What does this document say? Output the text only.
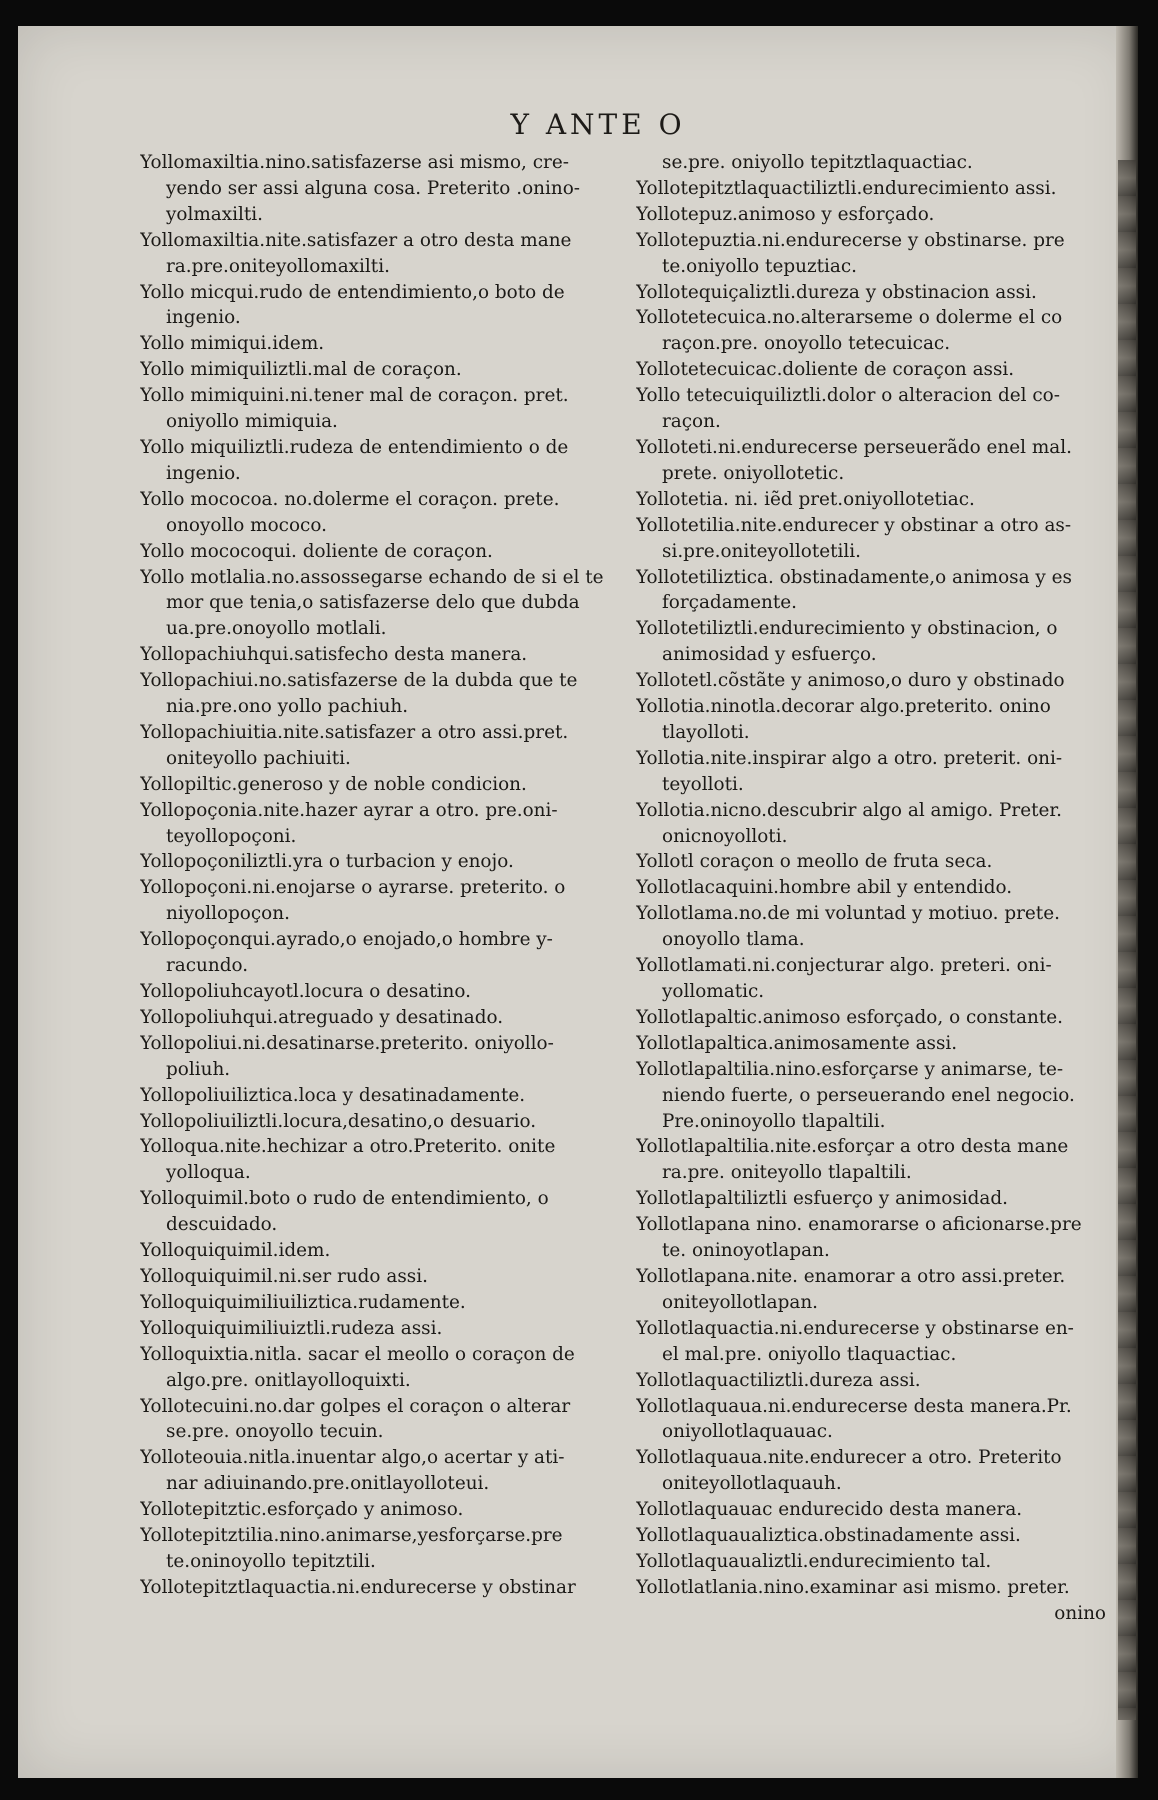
Y ANTE O
Yollomaxiltia.nino.satisfazerse asi mismo, cre-
yendo ser assi alguna cosa. Preterito .onino-
yolmaxilti.
Yollomaxiltia.nite.satisfazer a otro desta mane
ra.pre.oniteyollomaxilti.
Yollo micqui.rudo de entendimiento,o boto de
ingenio.
Yollo mimiqui.idem.
Yollo mimiquiliztli.mal de coraçon.
Yollo mimiquini.ni.tener mal de coraçon. pret.
oniyollo mimiquia.
Yollo miquiliztli.rudeza de entendimiento o de
ingenio.
Yollo mococoa. no.dolerme el coraçon. prete.
onoyollo mococo.
Yollo mococoqui. doliente de coraçon.
Yollo motlalia.no.assossegarse echando de si el te
mor que tenia,o satisfazerse delo que dubda
ua.pre.onoyollo motlali.
Yollopachiuhqui.satisfecho desta manera.
Yollopachiui.no.satisfazerse de la dubda que te
nia.pre.ono yollo pachiuh.
Yollopachiuitia.nite.satisfazer a otro assi.pret.
oniteyollo pachiuiti.
Yollopiltic.generoso y de noble condicion.
Yollopoçonia.nite.hazer ayrar a otro. pre.oni-
teyollopoçoni.
Yollopoçoniliztli.yra o turbacion y enojo.
Yollopoçoni.ni.enojarse o ayrarse. preterito. o
niyollopoçon.
Yollopoçonqui.ayrado,o enojado,o hombre y-
racundo.
Yollopoliuhcayotl.locura o desatino.
Yollopoliuhqui.atreguado y desatinado.
Yollopoliui.ni.desatinarse.preterito. oniyollo-
poliuh.
Yollopoliuiliztica.loca y desatinadamente.
Yollopoliuiliztli.locura,desatino,o desuario.
Yolloqua.nite.hechizar a otro.Preterito. onite
yolloqua.
Yolloquimil.boto o rudo de entendimiento, o
descuidado.
Yolloquiquimil.idem.
Yolloquiquimil.ni.ser rudo assi.
Yolloquiquimiliuiliztica.rudamente.
Yolloquiquimiliuiztli.rudeza assi.
Yolloquixtia.nitla. sacar el meollo o coraçon de
algo.pre. onitlayolloquixti.
Yollotecuini.no.dar golpes el coraçon o alterar
se.pre. onoyollo tecuin.
Yolloteouia.nitla.inuentar algo,o acertar y ati-
nar adiuinando.pre.onitlayolloteui.
Yollotepitztic.esforçado y animoso.
Yollotepitztilia.nino.animarse,yesforçarse.pre
te.oninoyollo tepitztili.
Yollotepitztlaquactia.ni.endurecerse y obstinar
se.pre. oniyollo tepitztlaquactiac.
Yollotepitztlaquactiliztli.endurecimiento assi.
Yollotepuz.animoso y esforçado.
Yollotepuztia.ni.endurecerse y obstinarse. pre
te.oniyollo tepuztiac.
Yollotequiçaliztli.dureza y obstinacion assi.
Yollotetecuica.no.alterarseme o dolerme el co
raçon.pre. onoyollo tetecuicac.
Yollotetecuicac.doliente de coraçon assi.
Yollo tetecuiquiliztli.dolor o alteracion del co-
raçon.
Yolloteti.ni.endurecerse perseuerãdo enel mal.
prete. oniyollotetic.
Yollotetia. ni. iẽd pret.oniyollotetiac.
Yollotetilia.nite.endurecer y obstinar a otro as-
si.pre.oniteyollotetili.
Yollotetiliztica. obstinadamente,o animosa y es
forçadamente.
Yollotetiliztli.endurecimiento y obstinacion, o
animosidad y esfuerço.
Yollotetl.cõstãte y animoso,o duro y obstinado
Yollotia.ninotla.decorar algo.preterito. onino
tlayolloti.
Yollotia.nite.inspirar algo a otro. preterit. oni-
teyolloti.
Yollotia.nicno.descubrir algo al amigo. Preter.
onicnoyolloti.
Yollotl coraçon o meollo de fruta seca.
Yollotlacaquini.hombre abil y entendido.
Yollotlama.no.de mi voluntad y motiuo. prete.
onoyollo tlama.
Yollotlamati.ni.conjecturar algo. preteri. oni-
yollomatic.
Yollotlapaltic.animoso esforçado, o constante.
Yollotlapaltica.animosamente assi.
Yollotlapaltilia.nino.esforçarse y animarse, te-
niendo fuerte, o perseuerando enel negocio.
Pre.oninoyollo tlapaltili.
Yollotlapaltilia.nite.esforçar a otro desta mane
ra.pre. oniteyollo tlapaltili.
Yollotlapaltiliztli esfuerço y animosidad.
Yollotlapana nino. enamorarse o aficionarse.pre
te. oninoyotlapan.
Yollotlapana.nite. enamorar a otro assi.preter.
oniteyollotlapan.
Yollotlaquactia.ni.endurecerse y obstinarse en-
el mal.pre. oniyollo tlaquactiac.
Yollotlaquactiliztli.dureza assi.
Yollotlaquaua.ni.endurecerse desta manera.Pr.
oniyollotlaquauac.
Yollotlaquaua.nite.endurecer a otro. Preterito
oniteyollotlaquauh.
Yollotlaquauac endurecido desta manera.
Yollotlaquaualiztica.obstinadamente assi.
Yollotlaquaualiztli.endurecimiento tal.
Yollotlatlania.nino.examinar asi mismo. preter.
onino
